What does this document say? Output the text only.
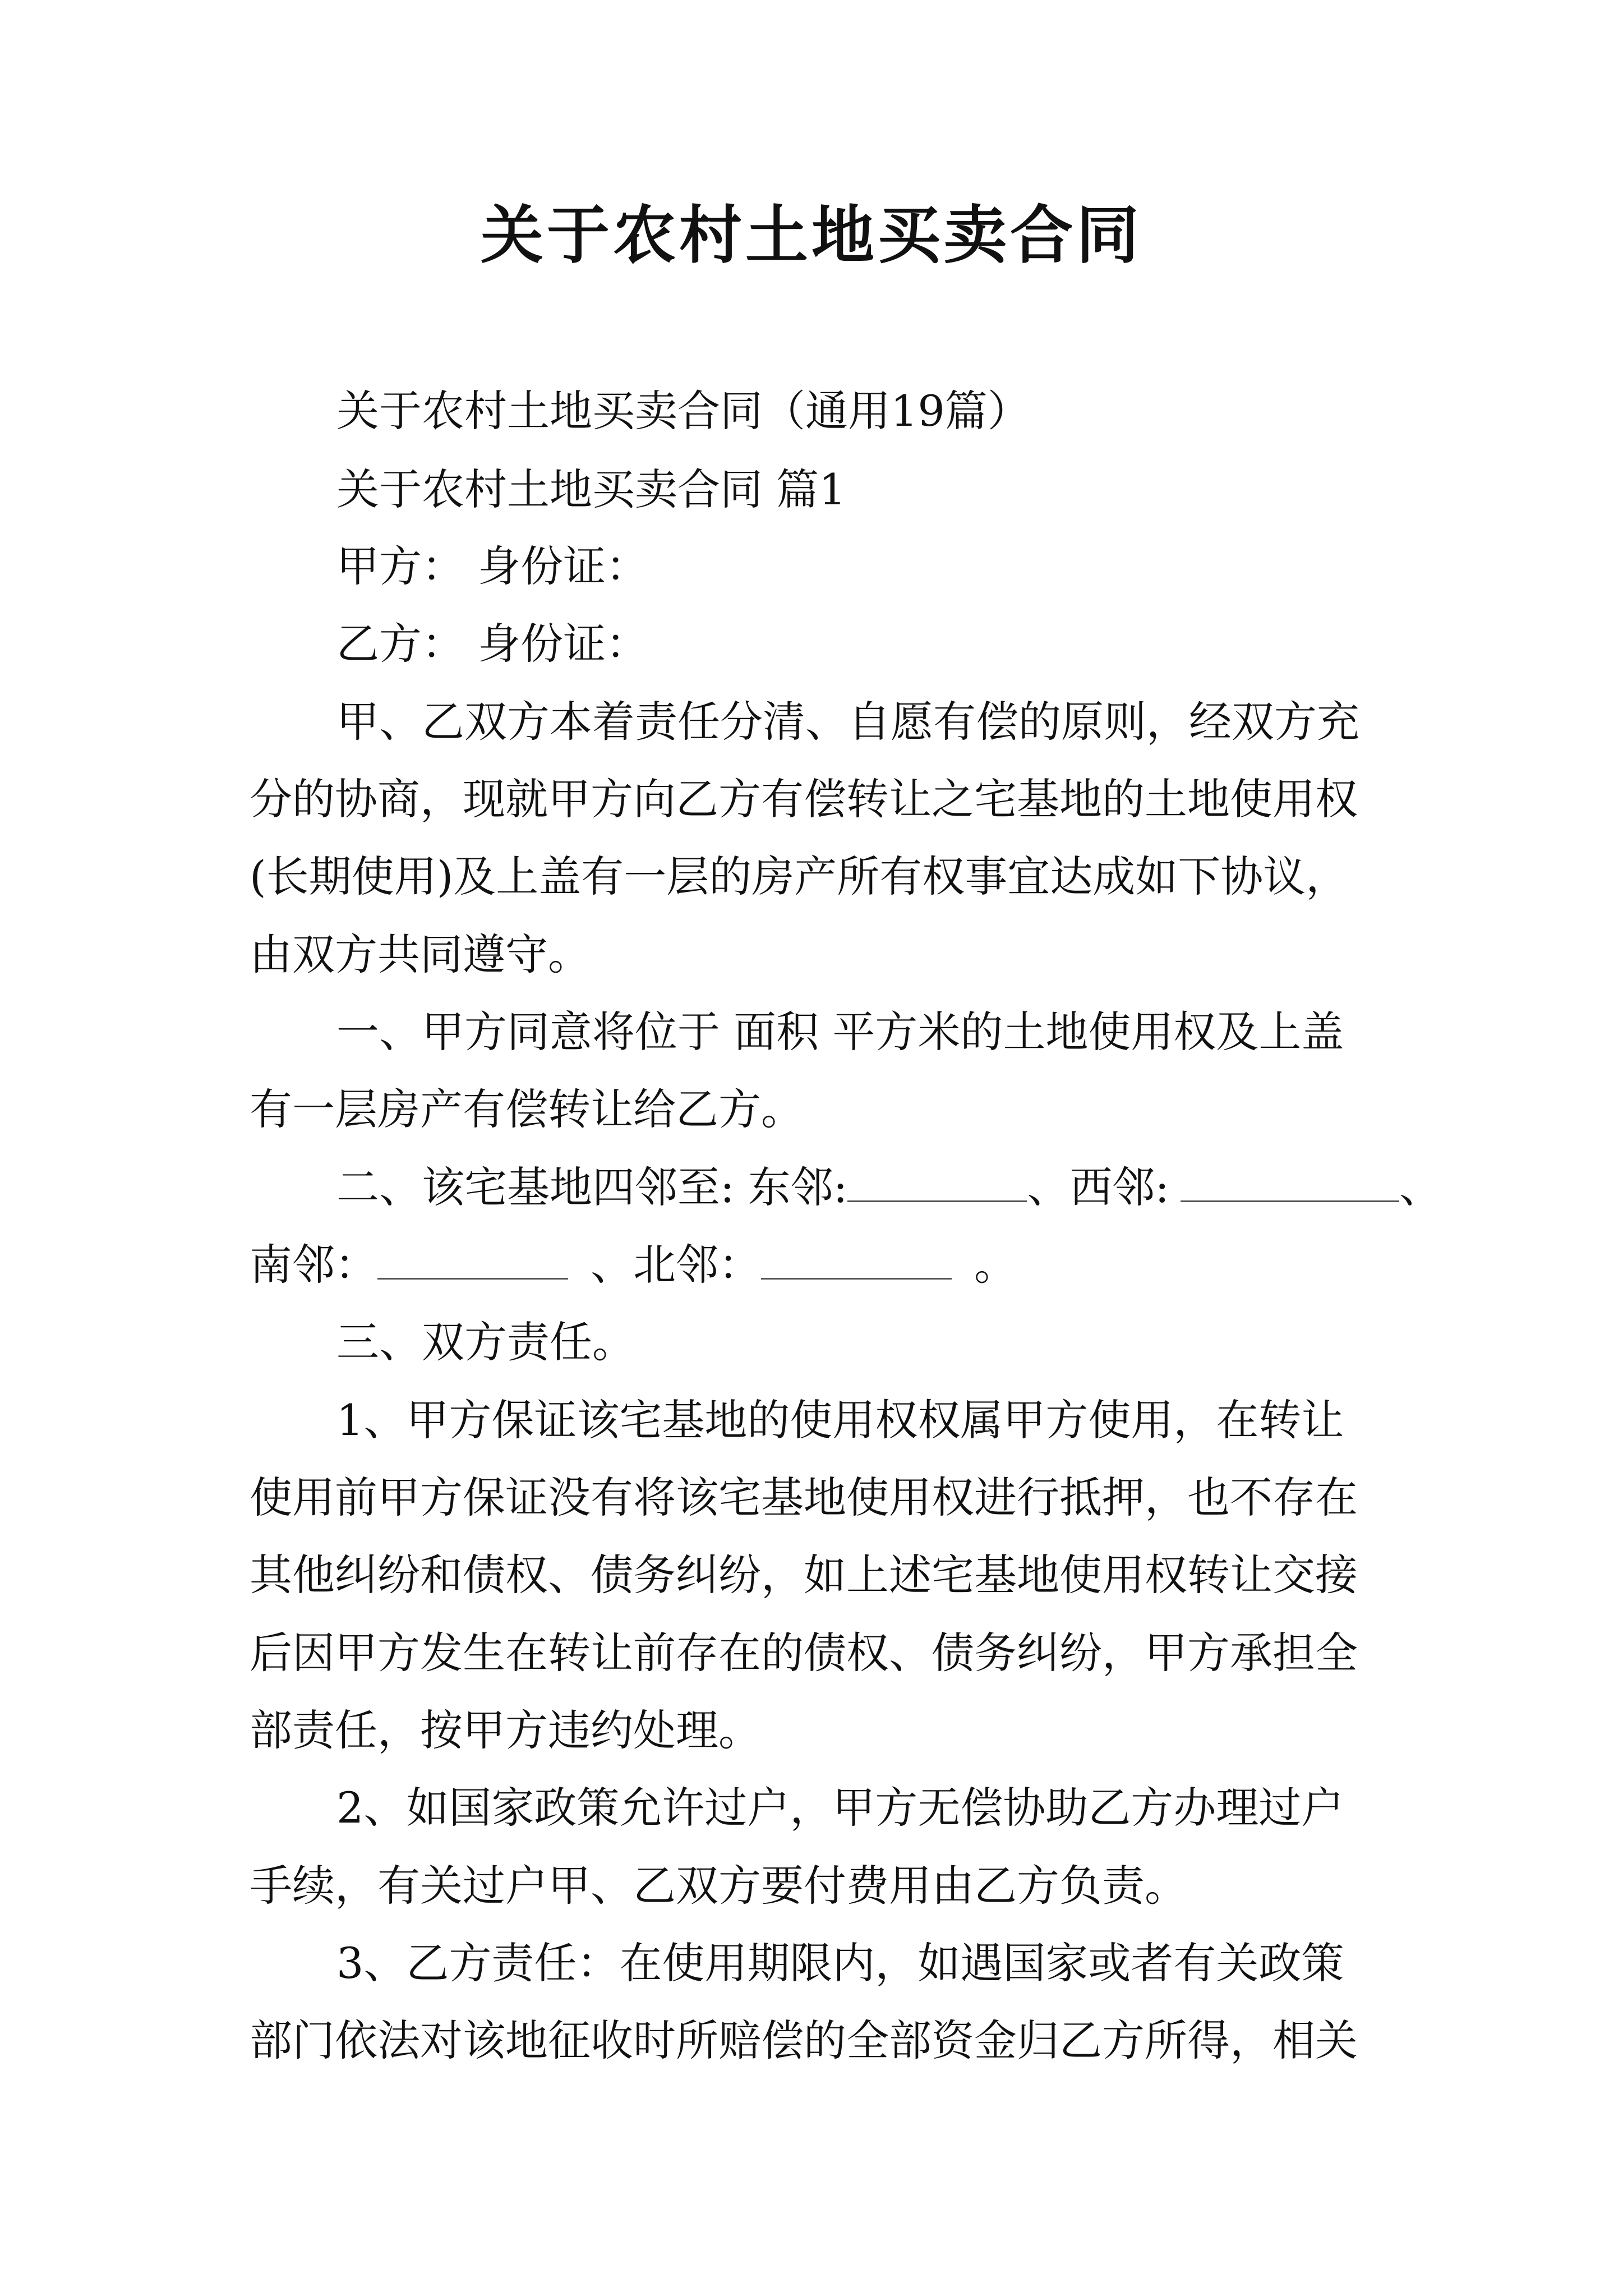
关于农村土地买卖合同
关于农村土地买卖合同（通用19篇）
关于农村土地买卖合同 篇1
甲方： 身份证：
乙方： 身份证：
甲、乙双方本着责任分清、自愿有偿的原则，经双方充
分的协商，现就甲方向乙方有偿转让之宅基地的土地使用权
(长期使用)及上盖有一层的房产所有权事宜达成如下协议，
由双方共同遵守。
一、甲方同意将位于 面积 平方米的土地使用权及上盖
有一层房产有偿转让给乙方。
二、该宅基地四邻至: 东邻:	、西邻:	、
南邻：	、北邻：	。
三、双方责任。
1、甲方保证该宅基地的使用权权属甲方使用，在转让
使用前甲方保证没有将该宅基地使用权进行抵押，也不存在
其他纠纷和债权、债务纠纷，如上述宅基地使用权转让交接
后因甲方发生在转让前存在的债权、债务纠纷，甲方承担全
部责任，按甲方违约处理。
2、如国家政策允许过户，甲方无偿协助乙方办理过户
手续，有关过户甲、乙双方要付费用由乙方负责。
3、乙方责任：在使用期限内，如遇国家或者有关政策
部门依法对该地征收时所赔偿的全部资金归乙方所得，相关
